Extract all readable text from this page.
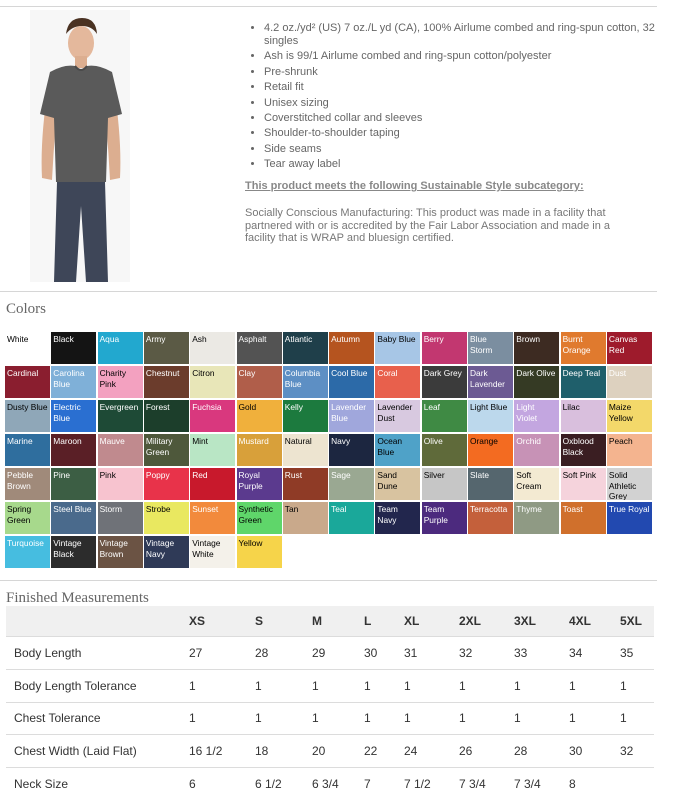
• 4.2 oz./yd² (US) 7 oz./L yd (CA), 100% Airlume combed and ring-spun cotton, 32 singles
• Ash is 99/1 Airlume combed and ring-spun cotton/polyester
• Pre-shrunk
• Retail fit
• Unisex sizing
• Coverstitched collar and sleeves
• Shoulder-to-shoulder taping
• Side seams
• Tear away label
This product meets the following Sustainable Style subcategory:
Socially Conscious Manufacturing: This product was made in a facility that partnered with or is accredited by the Fair Labor Association and made in a facility that is WRAP and bluesign certified.
Colors
White	Black	Aqua	Army	Ash	Asphalt	Atlantic	Autumn	Baby Blue Berry	Blue Storm
Brown	Burnt Orange
Canvas Red
Cardinal	Carolina Blue
Charity Pink
Chestnut	Citron	Clay	Columbia Blue
Cool Blue	Coral	Dark Grey Dark Lavender
Dark Olive Deep Teal	Dust
Dusty Blue Electric Blue
Evergreen Forest	Fuchsia	Gold	Kelly	Lavender Blue
Lavender Dust
Leaf	Light Blue	Light Violet
Lilac	Maize Yellow
Marine	Maroon	Mauve	Military Green
Mint	Mustard	Natural	Navy	Ocean Blue
Olive	Orange	Orchid	Oxblood Black
Peach
Pebble Brown
Pine	Pink	Poppy	Red	Royal Purple
Rust	Sage	Sand Dune
Silver	Slate	Soft Cream
Soft Pink	Solid Athletic Grey
Spring Green
Steel Blue Storm	Strobe	Sunset	Synthetic Green
Tan	Teal	Team Navy
Team Purple
Terracotta	Thyme	Toast	True Royal
Turquoise	Vintage Black
Vintage Brown
Vintage Navy
Vintage White
Yellow
Finished Measurements
	XS	S	M	L	XL	2XL	3XL	4XL	5XL
Body Length	27	28	29	30	31	32	33	34	35
Body Length Tolerance	1	1	1	1	1	1	1	1	1
Chest Tolerance	1	1	1	1	1	1	1	1	1
Chest Width (Laid Flat)	16 1/2	18	20	22	24	26	28	30	32
Neck Size	6	6 1/2	6 3/4	7	7 1/2	7 3/4	7 3/4	8	
